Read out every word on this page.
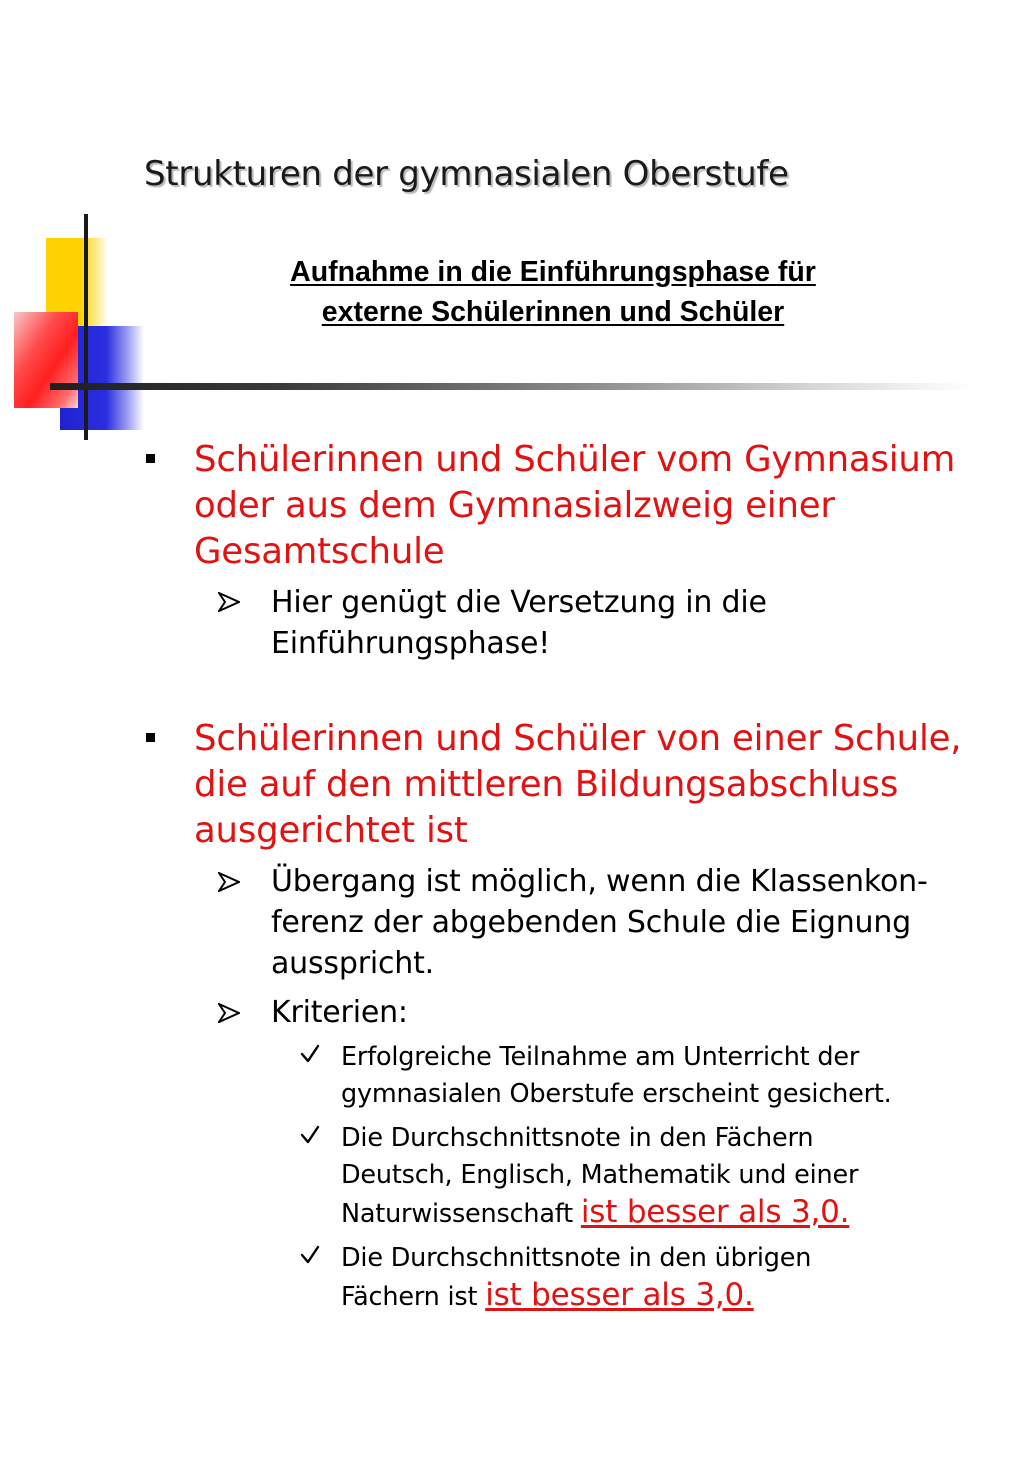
Strukturen der gymnasialen Oberstufe
Aufnahme in die Einführungsphase für
externe Schülerinnen und Schüler
Schülerinnen und Schüler vom Gymnasium
oder aus dem Gymnasialzweig einer
Gesamtschule
Hier genügt die Versetzung in die
Einführungsphase!
Schülerinnen und Schüler von einer Schule,
die auf den mittleren Bildungsabschluss
ausgerichtet ist
Übergang ist möglich, wenn die Klassenkon-
ferenz der abgebenden Schule die Eignung
ausspricht.
Kriterien:
Erfolgreiche Teilnahme am Unterricht der
gymnasialen Oberstufe erscheint gesichert.
Die Durchschnittsnote in den Fächern
Deutsch, Englisch, Mathematik und einer
Naturwissenschaft ist besser als 3,0.
Die Durchschnittsnote in den übrigen
Fächern ist ist besser als 3,0.
